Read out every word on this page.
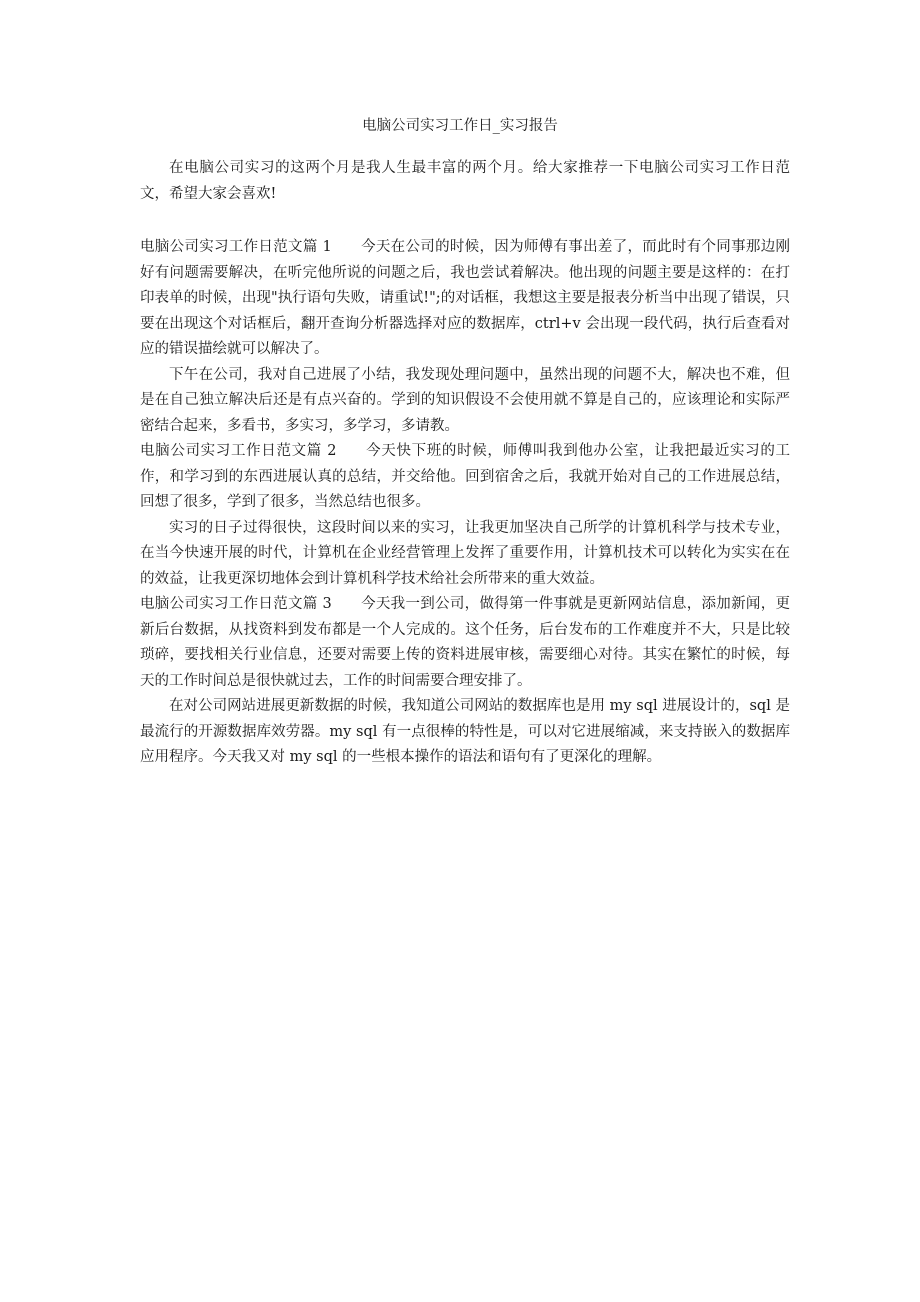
电脑公司实习工作日_实习报告

在电脑公司实习的这两个月是我人生最丰富的两个月。给大家推荐一下电脑公司实习工作日范文，希望大家会喜欢!

电脑公司实习工作日范文篇 1 今天在公司的时候，因为师傅有事出差了，而此时有个同事那边刚好有问题需要解决，在听完他所说的问题之后，我也尝试着解决。他出现的问题主要是这样的：在打印表单的时候，出现"执行语句失败，请重试!";的对话框，我想这主要是报表分析当中出现了错误，只要在出现这个对话框后，翻开查询分析器选择对应的数据库，ctrl+v 会出现一段代码，执行后查看对应的错误描绘就可以解决了。

下午在公司，我对自己进展了小结，我发现处理问题中，虽然出现的问题不大，解决也不难，但是在自己独立解决后还是有点兴奋的。学到的知识假设不会使用就不算是自己的，应该理论和实际严密结合起来，多看书，多实习，多学习，多请教。

电脑公司实习工作日范文篇 2 今天快下班的时候，师傅叫我到他办公室，让我把最近实习的工作，和学习到的东西进展认真的总结，并交给他。回到宿舍之后，我就开始对自己的工作进展总结，回想了很多，学到了很多，当然总结也很多。

实习的日子过得很快，这段时间以来的实习，让我更加坚决自己所学的计算机科学与技术专业，在当今快速开展的时代，计算机在企业经营管理上发挥了重要作用，计算机技术可以转化为实实在在的效益，让我更深切地体会到计算机科学技术给社会所带来的重大效益。

电脑公司实习工作日范文篇 3 今天我一到公司，做得第一件事就是更新网站信息，添加新闻，更新后台数据，从找资料到发布都是一个人完成的。这个任务，后台发布的工作难度并不大，只是比较琐碎，要找相关行业信息，还要对需要上传的资料进展审核，需要细心对待。其实在繁忙的时候，每天的工作时间总是很快就过去，工作的时间需要合理安排了。

在对公司网站进展更新数据的时候，我知道公司网站的数据库也是用 my sql 进展设计的，sql 是最流行的开源数据库效劳器。my sql 有一点很棒的特性是，可以对它进展缩减，来支持嵌入的数据库应用程序。今天我又对 my sql 的一些根本操作的语法和语句有了更深化的理解。
